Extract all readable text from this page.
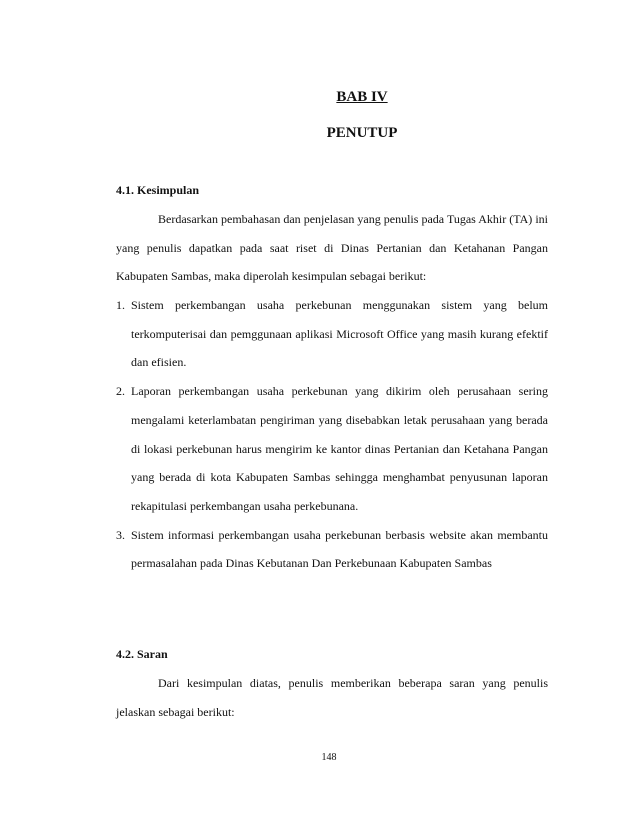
BAB IV
PENUTUP
4.1. Kesimpulan

Berdasarkan pembahasan dan penjelasan yang penulis pada Tugas Akhir (TA) ini yang penulis dapatkan pada saat riset di Dinas Pertanian dan Ketahanan Pangan Kabupaten Sambas, maka diperolah kesimpulan sebagai berikut:

1. Sistem perkembangan usaha perkebunan menggunakan sistem yang belum terkomputerisai dan pemggunaan aplikasi Microsoft Office yang masih kurang efektif dan efisien.
2. Laporan perkembangan usaha perkebunan yang dikirim oleh perusahaan sering mengalami keterlambatan pengiriman yang disebabkan letak perusahaan yang berada di lokasi perkebunan harus mengirim ke kantor dinas Pertanian dan Ketahana Pangan yang berada di kota Kabupaten Sambas sehingga menghambat penyusunan laporan rekapitulasi perkembangan usaha perkebunana.
3. Sistem informasi perkembangan usaha perkebunan berbasis website akan membantu permasalahan pada Dinas Kebutanan Dan Perkebunaan Kabupaten Sambas
4.2. Saran

Dari kesimpulan diatas, penulis memberikan beberapa saran yang penulis jelaskan sebagai berikut:

148
